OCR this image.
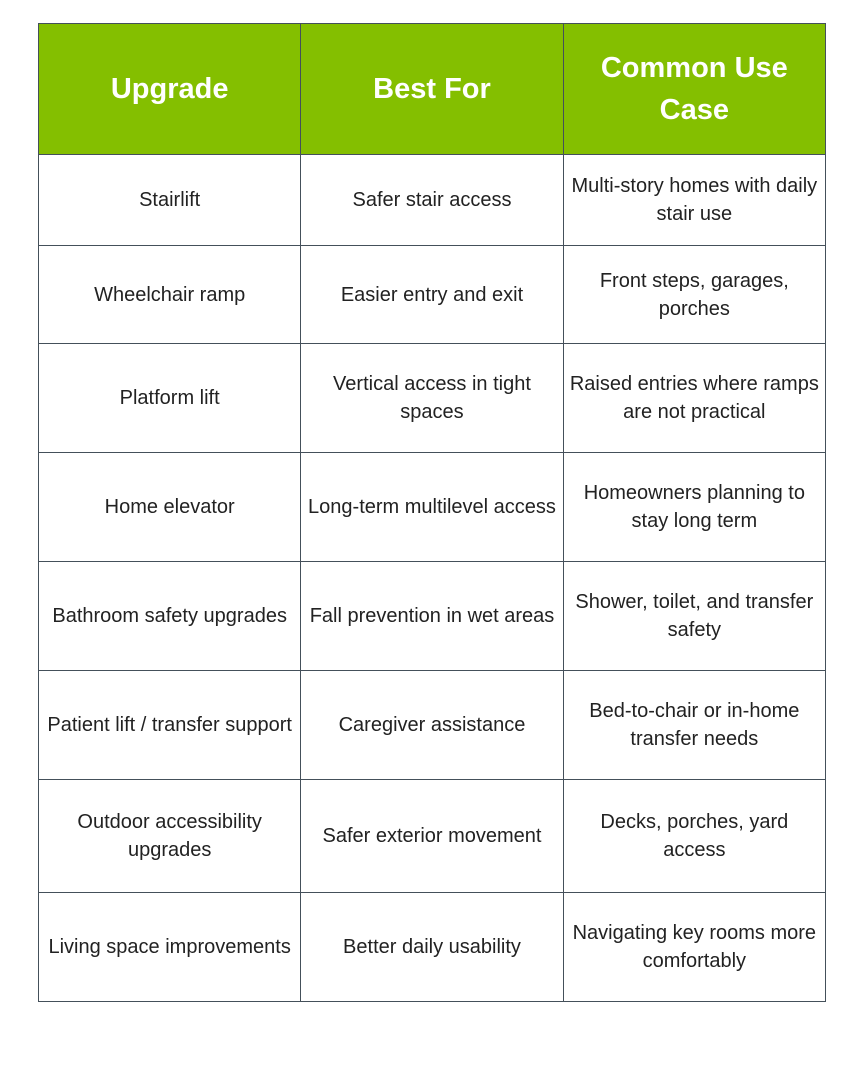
Upgrade	Best For	Common Use Case
Stairlift	Safer stair access	Multi-story homes with daily stair use
Wheelchair ramp	Easier entry and exit	Front steps, garages, porches
Platform lift	Vertical access in tight spaces	Raised entries where ramps are not practical
Home elevator	Long-term multilevel access	Homeowners planning to stay long term
Bathroom safety upgrades	Fall prevention in wet areas	Shower, toilet, and transfer safety
Patient lift / transfer support	Caregiver assistance	Bed-to-chair or in-home transfer needs
Outdoor accessibility upgrades	Safer exterior movement	Decks, porches, yard access
Living space improvements	Better daily usability	Navigating key rooms more comfortably
